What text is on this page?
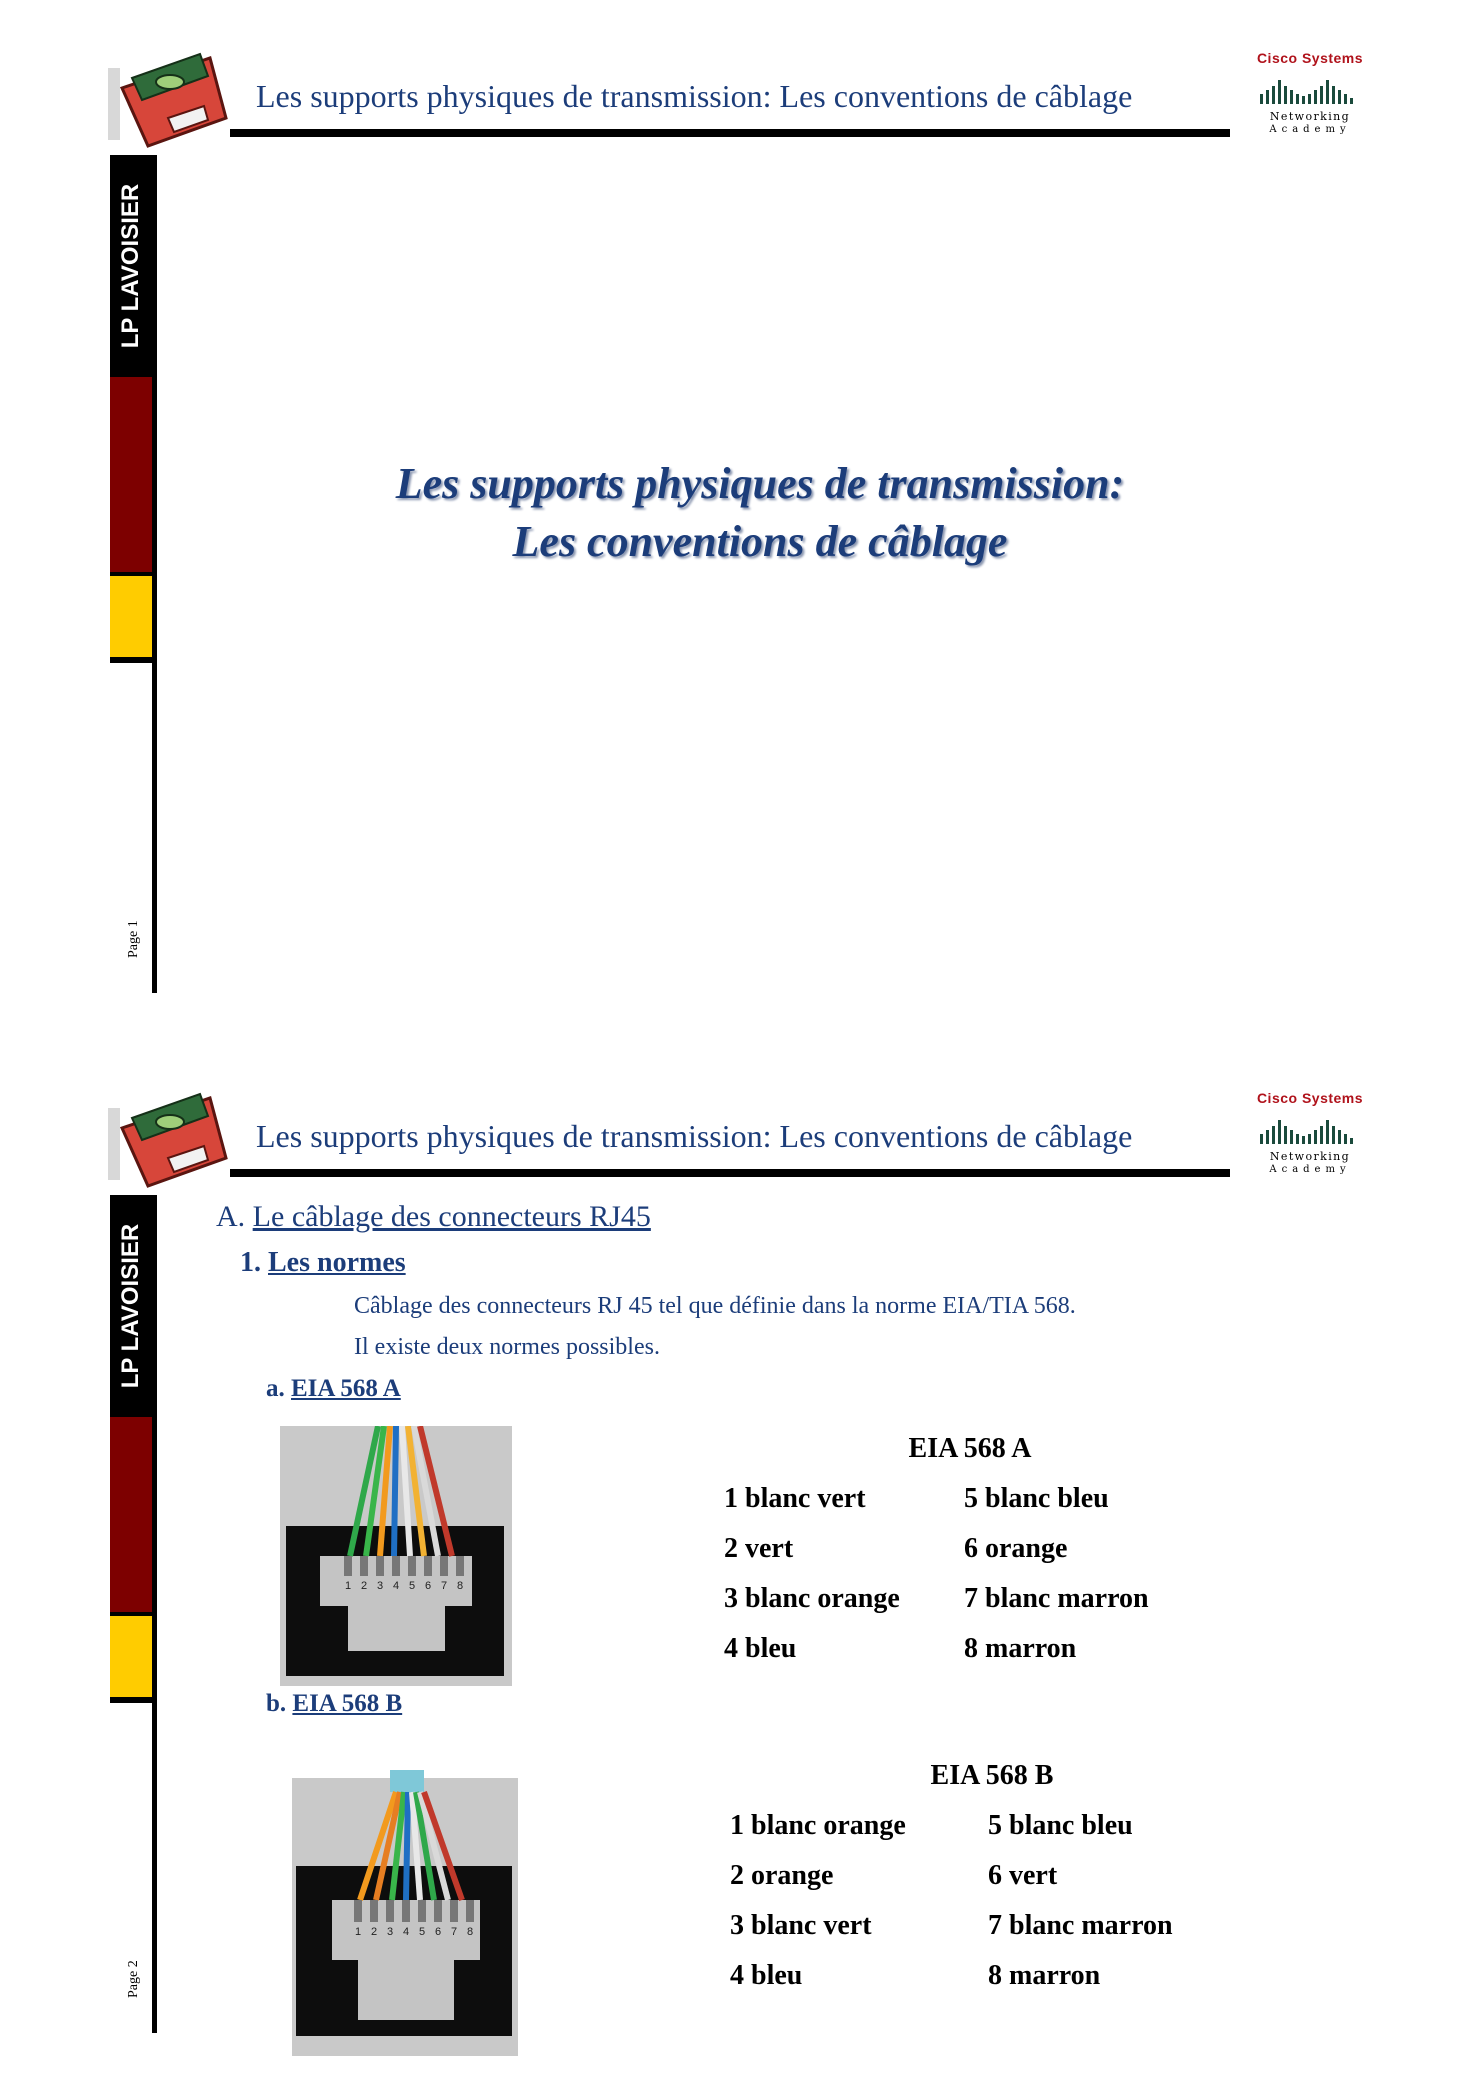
Les supports physiques de transmission: Les conventions de câblage
Cisco Systems
Networking
Academy
LP LAVOISIER
Page 1
Les supports physiques de transmission:
Les conventions de câblage
Les supports physiques de transmission: Les conventions de câblage
Cisco Systems
Networking
Academy
LP LAVOISIER
Page 2
A. Le câblage des connecteurs RJ45
1. Les normes
Câblage des connecteurs RJ 45 tel que définie dans la norme EIA/TIA 568.
Il existe deux normes possibles.
a. EIA 568 A
b. EIA 568 B
1 2 3 4 5 6 7 8
1 2 3 4 5 6 7 8
EIA 568 A
1 blanc vert
2 vert
3 blanc orange
4 bleu
5 blanc bleu
6 orange
7 blanc marron
8 marron
EIA 568 B
1 blanc orange
2 orange
3 blanc vert
4 bleu
5 blanc bleu
6 vert
7 blanc marron
8 marron
